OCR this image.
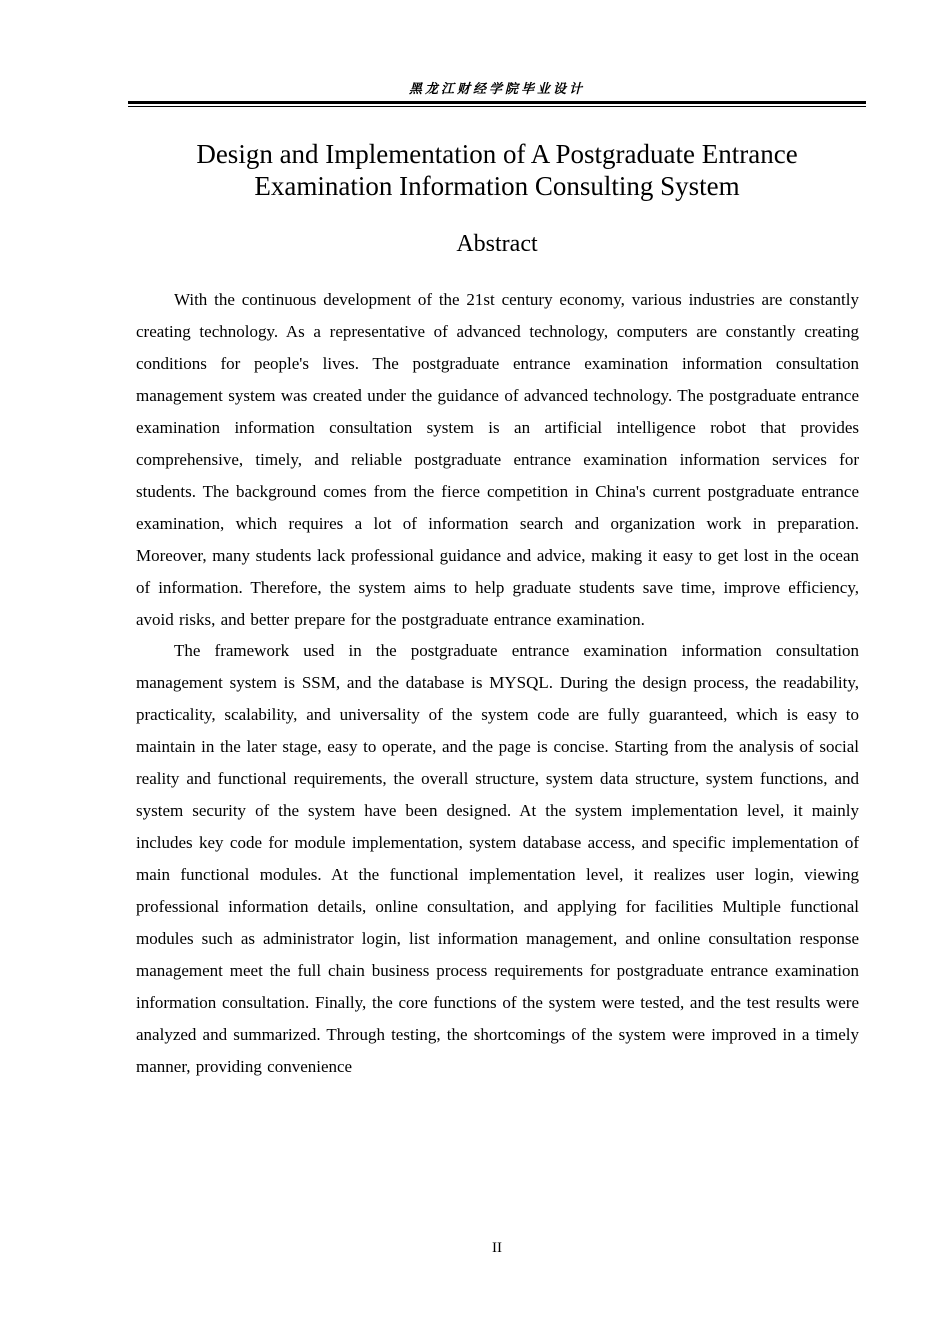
黑龙江财经学院毕业设计
Design and Implementation of A Postgraduate Entrance
Examination Information Consulting System
Abstract

With the continuous development of the 21st century economy, various industries are constantly creating technology. As a representative of advanced technology, computers are constantly creating conditions for people's lives. The postgraduate entrance examination information consultation management system was created under the guidance of advanced technology. The postgraduate entrance examination information consultation system is an artificial intelligence robot that provides comprehensive, timely, and reliable postgraduate entrance examination information services for students. The background comes from the fierce competition in China's current postgraduate entrance examination, which requires a lot of information search and organization work in preparation. Moreover, many students lack professional guidance and advice, making it easy to get lost in the ocean of information. Therefore, the system aims to help graduate students save time, improve efficiency, avoid risks, and better prepare for the postgraduate entrance examination.

The framework used in the postgraduate entrance examination information consultation management system is SSM, and the database is MYSQL. During the design process, the readability, practicality, scalability, and universality of the system code are fully guaranteed, which is easy to maintain in the later stage, easy to operate, and the page is concise. Starting from the analysis of social reality and functional requirements, the overall structure, system data structure, system functions, and system security of the system have been designed. At the system implementation level, it mainly includes key code for module implementation, system database access, and specific implementation of main functional modules. At the functional implementation level, it realizes user login, viewing professional information details, online consultation, and applying for facilities Multiple functional modules such as administrator login, list information management, and online consultation response management meet the full chain business process requirements for postgraduate entrance examination information consultation. Finally, the core functions of the system were tested, and the test results were analyzed and summarized. Through testing, the shortcomings of the system were improved in a timely manner, providing convenience

II
